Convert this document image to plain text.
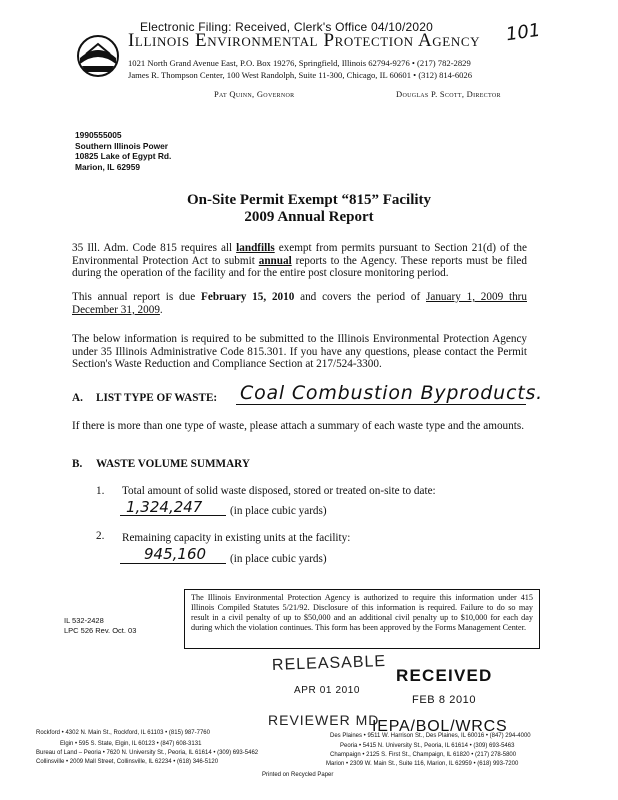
Electronic Filing: Received, Clerk's Office 04/10/2020	101
Illinois Environmental Protection Agency
1021 North Grand Avenue East, P.O. Box 19276, Springfield, Illinois 62794-9276 • (217) 782-2829
James R. Thompson Center, 100 West Randolph, Suite 11-300, Chicago, IL 60601 • (312) 814-6026
Pat Quinn, Governor	Douglas P. Scott, Director
1990555005
Southern Illinois Power
10825 Lake of Egypt Rd.
Marion, IL 62959
On-Site Permit Exempt “815” Facility
2009 Annual Report
35 Ill. Adm. Code 815 requires all landfills exempt from permits pursuant to Section 21(d) of the Environmental Protection Act to submit annual reports to the Agency. These reports must be filed during the operation of the facility and for the entire post closure monitoring period.
This annual report is due February 15, 2010 and covers the period of January 1, 2009 thru December 31, 2009.
The below information is required to be submitted to the Illinois Environmental Protection Agency under 35 Illinois Administrative Code 815.301. If you have any questions, please contact the Permit Section's Waste Reduction and Compliance Section at 217/524-3300.
A. LIST TYPE OF WASTE: Coal Combustion Byproducts.
If there is more than one type of waste, please attach a summary of each waste type and the amounts.
B. WASTE VOLUME SUMMARY
1. Total amount of solid waste disposed, stored or treated on-site to date:
1,324,247 (in place cubic yards)
2. Remaining capacity in existing units at the facility:
945,160 (in place cubic yards)
IL 532-2428
LPC 526 Rev. Oct. 03
The Illinois Environmental Protection Agency is authorized to require this information under 415 Illinois Compiled Statutes 5/21/92. Disclosure of this information is required. Failure to do so may result in a civil penalty of up to $50,000 and an additional civil penalty up to $10,000 for each day during which the violation continues. This form has been approved by the Forms Management Center.
RELEASABLE
APR 01 2010
RECEIVED
FEB 8 2010
REVIEWER MD
IEPA/BOL/WRCS
Rockford • 4302 N. Main St., Rockford, IL 61103 • (815) 987-7760
Elgin • 595 S. State, Elgin, IL 60123 • (847) 608-3131
Bureau of Land – Peoria • 7620 N. University St., Peoria, IL 61614 • (309) 693-5462
Collinsville • 2009 Mall Street, Collinsville, IL 62234 • (618) 346-5120
Des Plaines • 9511 W. Harrison St., Des Plaines, IL 60016 • (847) 294-4000
Peoria • 5415 N. University St., Peoria, IL 61614 • (309) 693-5463
Champaign • 2125 S. First St., Champaign, IL 61820 • (217) 278-5800
Marion • 2309 W. Main St., Suite 116, Marion, IL 62959 • (618) 993-7200
Printed on Recycled Paper
